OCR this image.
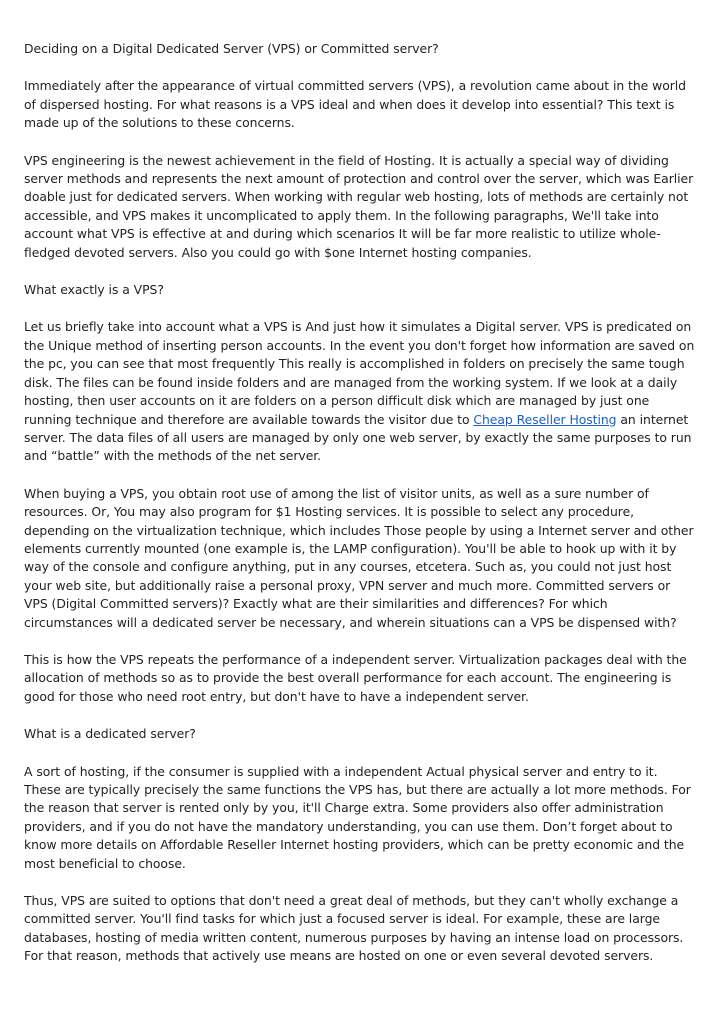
Deciding on a Digital Dedicated Server (VPS) or Committed server?

Immediately after the appearance of virtual committed servers (VPS), a revolution came about in the world of dispersed hosting. For what reasons is a VPS ideal and when does it develop into essential? This text is made up of the solutions to these concerns.

VPS engineering is the newest achievement in the field of Hosting. It is actually a special way of dividing server methods and represents the next amount of protection and control over the server, which was Earlier doable just for dedicated servers. When working with regular web hosting, lots of methods are certainly not accessible, and VPS makes it uncomplicated to apply them. In the following paragraphs, We'll take into account what VPS is effective at and during which scenarios It will be far more realistic to utilize whole-fledged devoted servers. Also you could go with $one Internet hosting companies.

What exactly is a VPS?

Let us briefly take into account what a VPS is And just how it simulates a Digital server. VPS is predicated on the Unique method of inserting person accounts. In the event you don't forget how information are saved on the pc, you can see that most frequently This really is accomplished in folders on precisely the same tough disk. The files can be found inside folders and are managed from the working system. If we look at a daily hosting, then user accounts on it are folders on a person difficult disk which are managed by just one running technique and therefore are available towards the visitor due to Cheap Reseller Hosting an internet server. The data files of all users are managed by only one web server, by exactly the same purposes to run and “battle” with the methods of the net server.

When buying a VPS, you obtain root use of among the list of visitor units, as well as a sure number of resources. Or, You may also program for $1 Hosting services. It is possible to select any procedure, depending on the virtualization technique, which includes Those people by using a Internet server and other elements currently mounted (one example is, the LAMP configuration). You'll be able to hook up with it by way of the console and configure anything, put in any courses, etcetera. Such as, you could not just host your web site, but additionally raise a personal proxy, VPN server and much more. Committed servers or VPS (Digital Committed servers)? Exactly what are their similarities and differences? For which circumstances will a dedicated server be necessary, and wherein situations can a VPS be dispensed with?

This is how the VPS repeats the performance of a independent server. Virtualization packages deal with the allocation of methods so as to provide the best overall performance for each account. The engineering is good for those who need root entry, but don't have to have a independent server.

What is a dedicated server?

A sort of hosting, if the consumer is supplied with a independent Actual physical server and entry to it. These are typically precisely the same functions the VPS has, but there are actually a lot more methods. For the reason that server is rented only by you, it'll Charge extra. Some providers also offer administration providers, and if you do not have the mandatory understanding, you can use them. Don’t forget about to know more details on Affordable Reseller Internet hosting providers, which can be pretty economic and the most beneficial to choose.

Thus, VPS are suited to options that don't need a great deal of methods, but they can't wholly exchange a committed server. You'll find tasks for which just a focused server is ideal. For example, these are large databases, hosting of media written content, numerous purposes by having an intense load on processors. For that reason, methods that actively use means are hosted on one or even several devoted servers.
